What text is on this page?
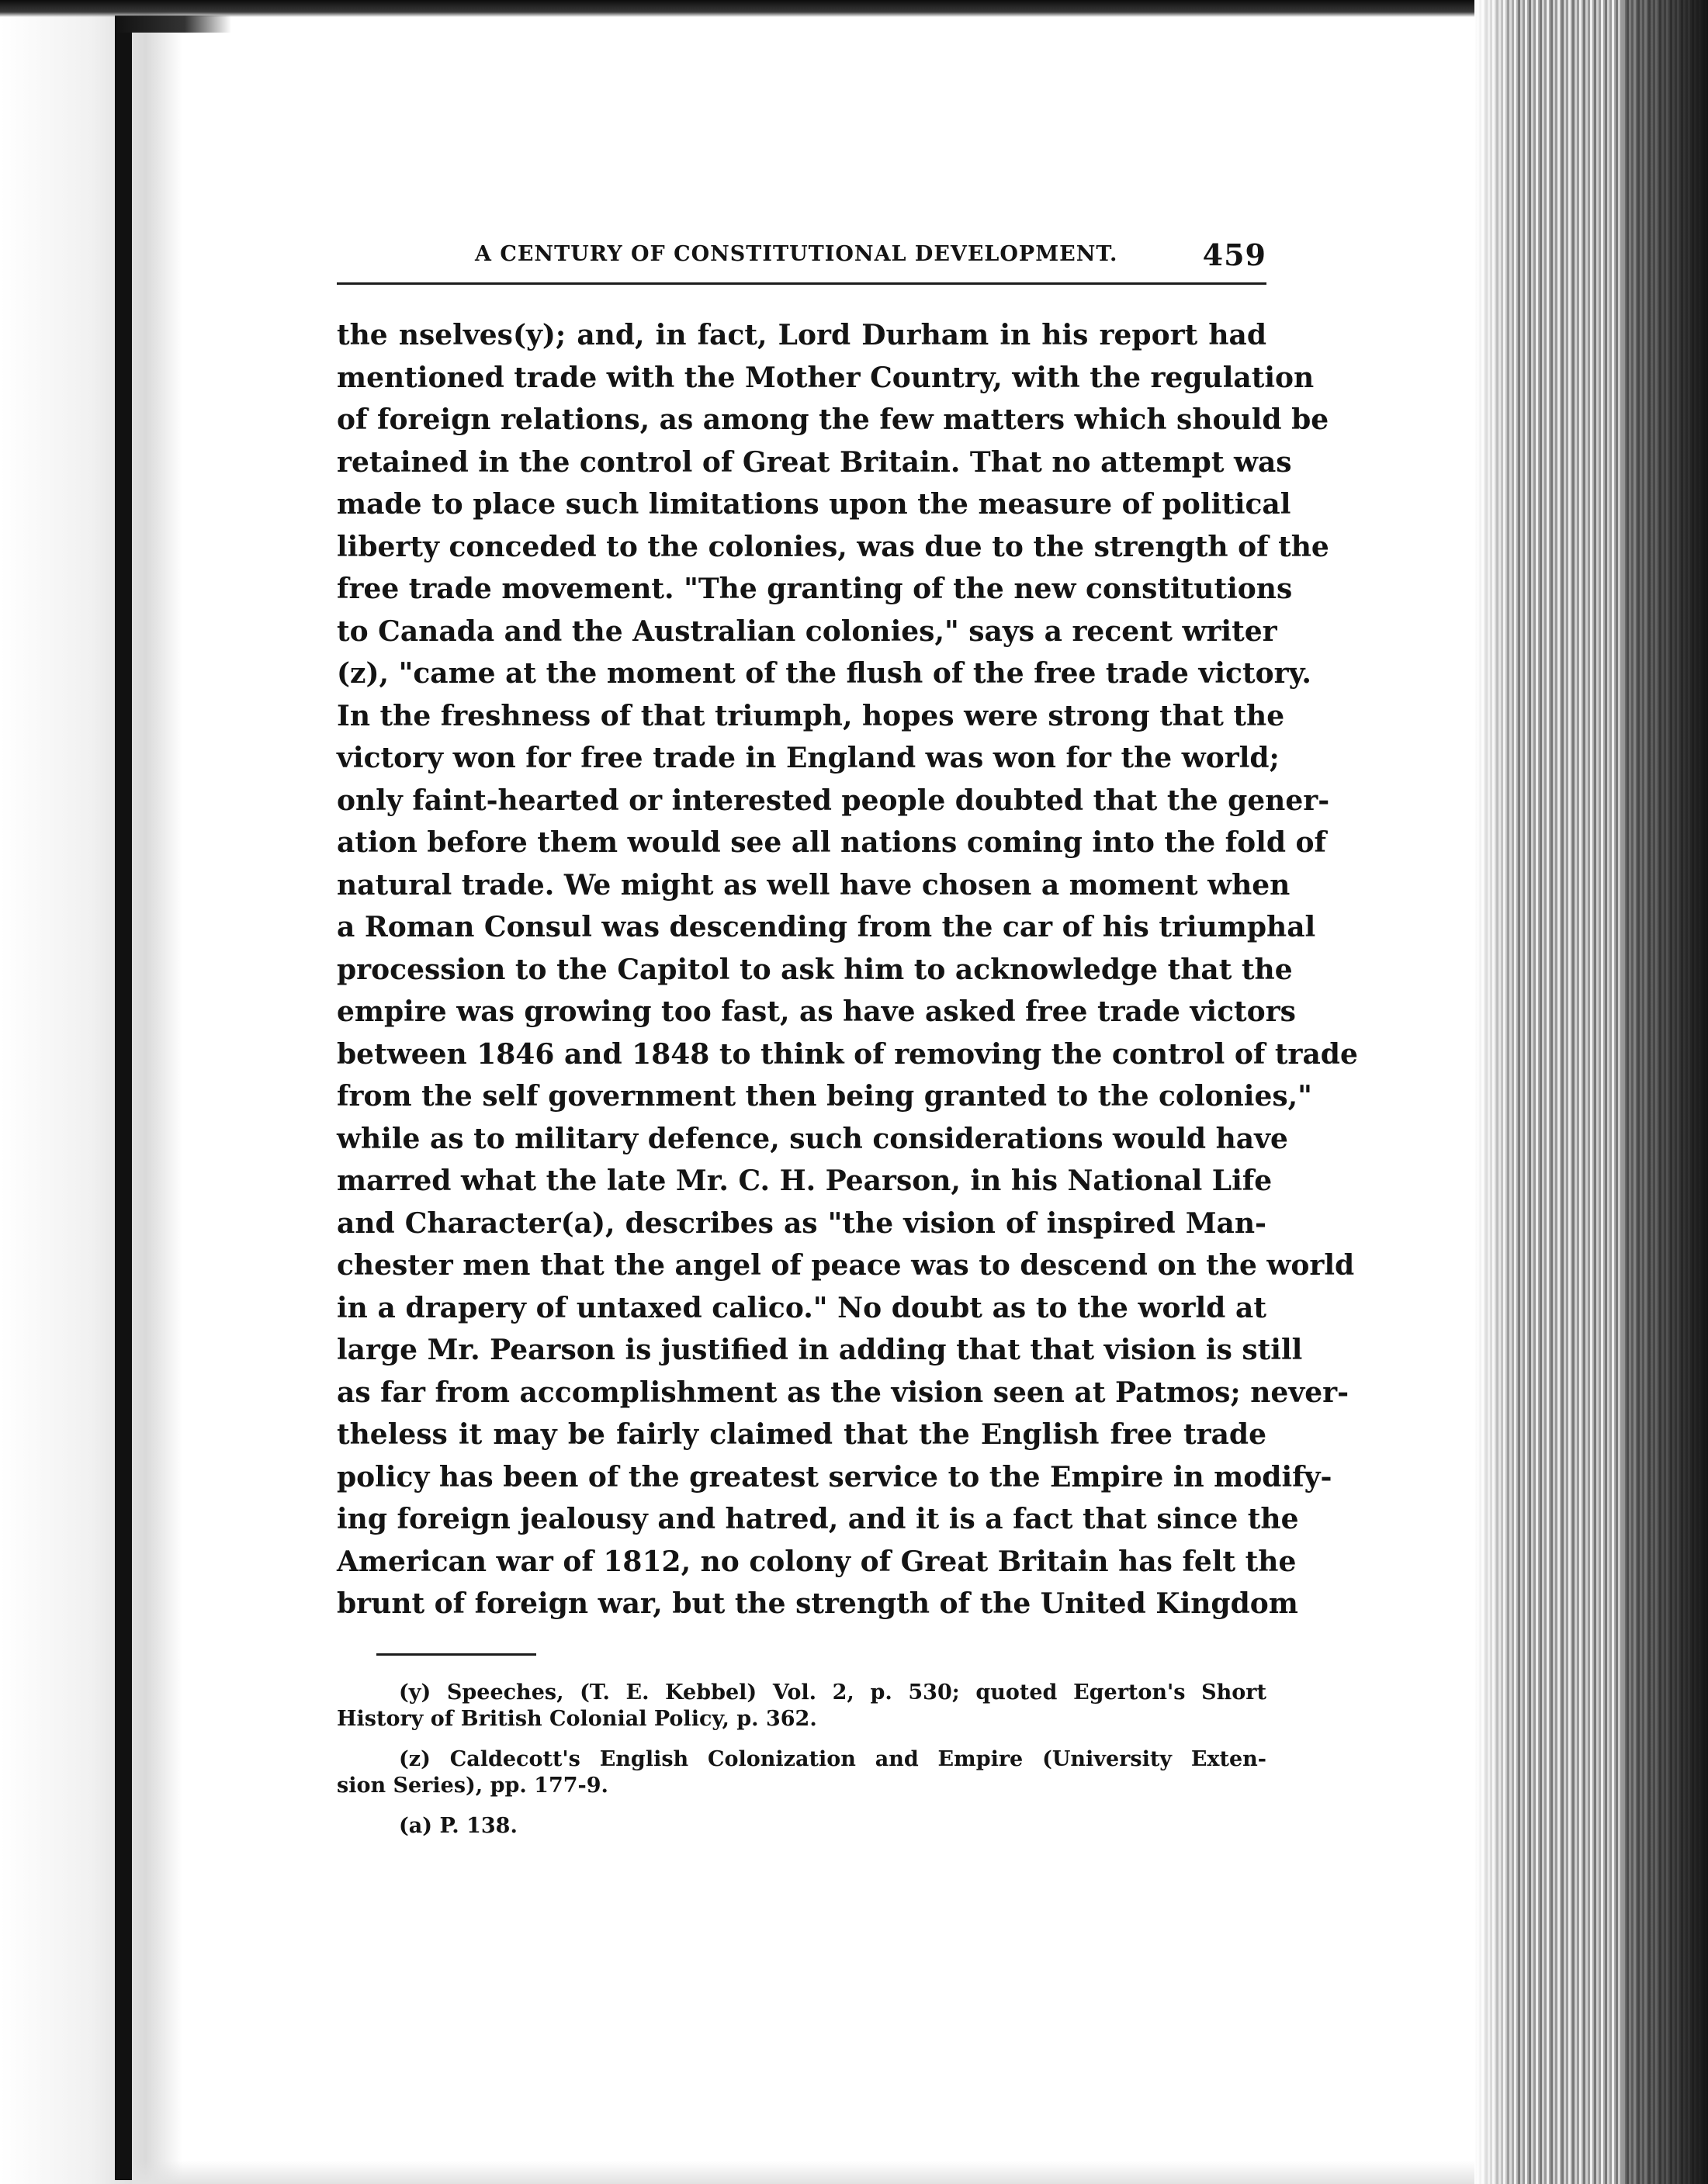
A CENTURY OF CONSTITUTIONAL DEVELOPMENT.	459
the nselves(y); and, in fact, Lord Durham in his report had
mentioned trade with the Mother Country, with the regulation
of foreign relations, as among the few matters which should be
retained in the control of Great Britain. That no attempt was
made to place such limitations upon the measure of political
liberty conceded to the colonies, was due to the strength of the
free trade movement. "The granting of the new constitutions
to Canada and the Australian colonies," says a recent writer
(z), "came at the moment of the flush of the free trade victory.
In the freshness of that triumph, hopes were strong that the
victory won for free trade in England was won for the world;
only faint-hearted or interested people doubted that the gener-
ation before them would see all nations coming into the fold of
natural trade. We might as well have chosen a moment when
a Roman Consul was descending from the car of his triumphal
procession to the Capitol to ask him to acknowledge that the
empire was growing too fast, as have asked free trade victors
between 1846 and 1848 to think of removing the control of trade
from the self government then being granted to the colonies,"
while as to military defence, such considerations would have
marred what the late Mr. C. H. Pearson, in his National Life
and Character(a), describes as "the vision of inspired Man-
chester men that the angel of peace was to descend on the world
in a drapery of untaxed calico." No doubt as to the world at
large Mr. Pearson is justified in adding that that vision is still
as far from accomplishment as the vision seen at Patmos; never-
theless it may be fairly claimed that the English free trade
policy has been of the greatest service to the Empire in modify-
ing foreign jealousy and hatred, and it is a fact that since the
American war of 1812, no colony of Great Britain has felt the
brunt of foreign war, but the strength of the United Kingdom
(y) Speeches, (T. E. Kebbel) Vol. 2, p. 530; quoted Egerton's Short
History of British Colonial Policy, p. 362.
(z) Caldecott's English Colonization and Empire (University Exten-
sion Series), pp. 177-9.
(a) P. 138.
